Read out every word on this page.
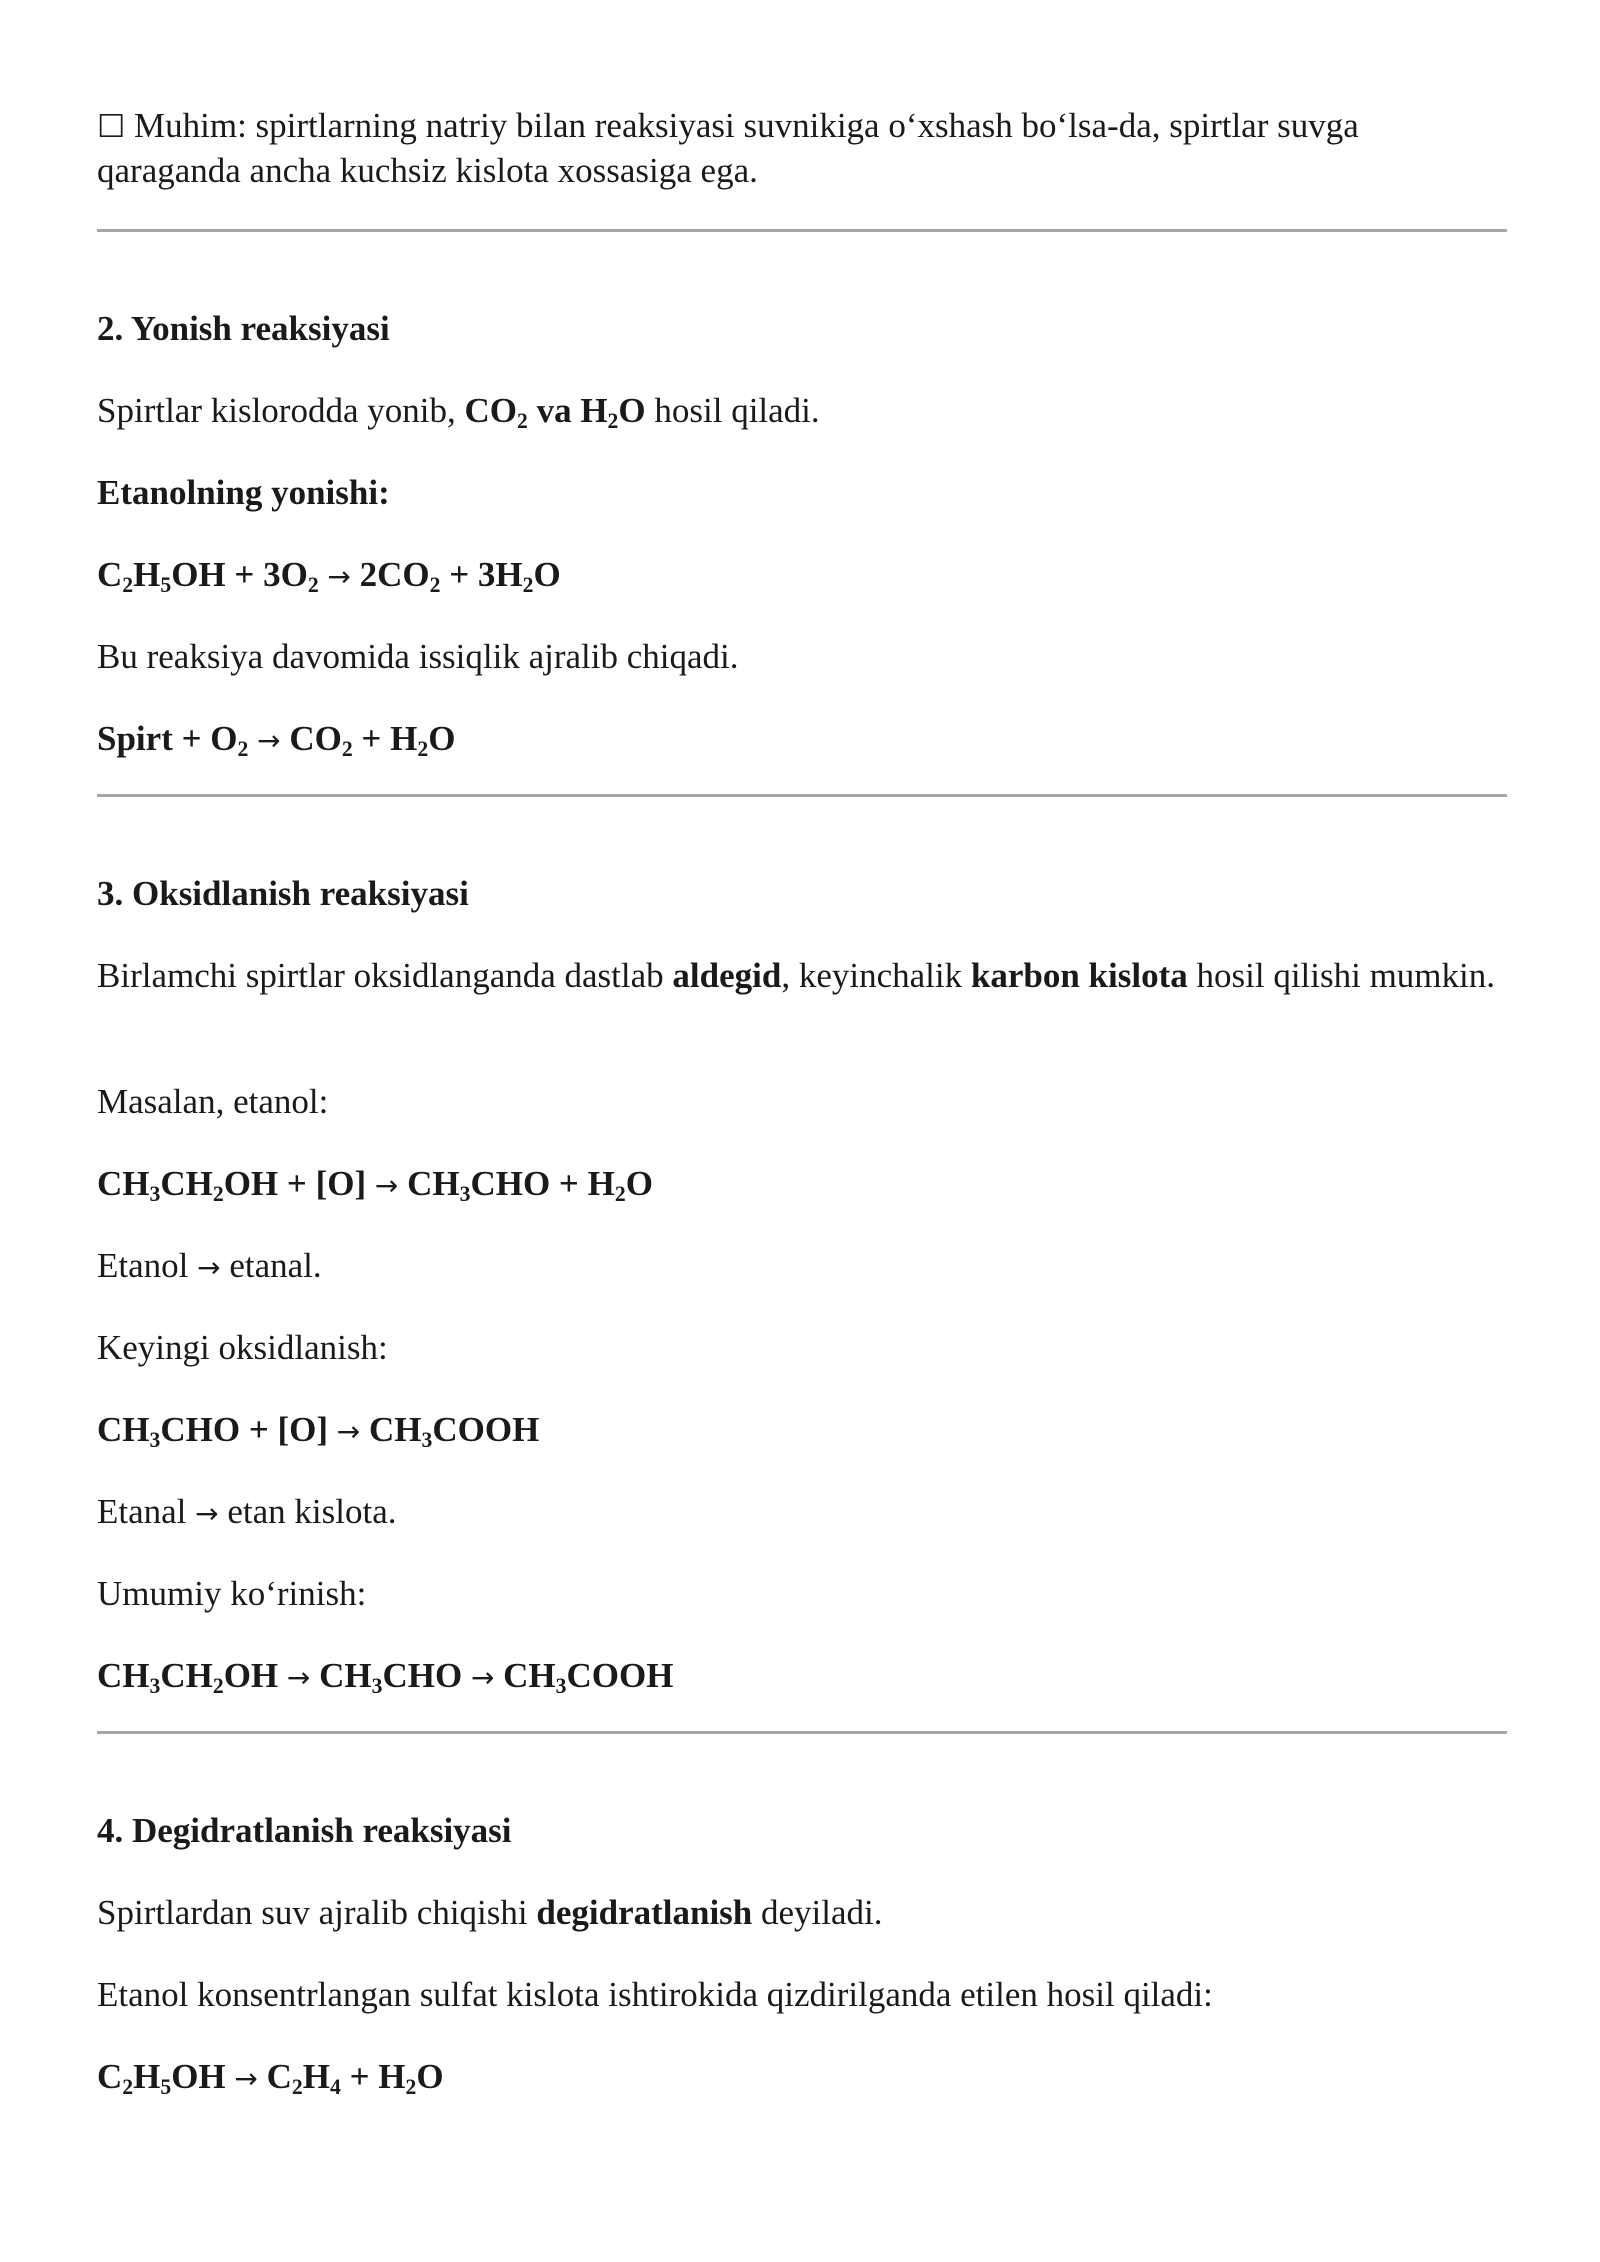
☐ Muhim: spirtlarning natriy bilan reaksiyasi suvnikiga o‘xshash bo‘lsa-da, spirtlar suvga qaraganda ancha kuchsiz kislota xossasiga ega.

2. Yonish reaksiyasi

Spirtlar kislorodda yonib, $CO_2$ va $H_2O$ hosil qiladi.

Etanolning yonishi:

$C_2H_5OH + 3O_2 \to 2CO_2 + 3H_2O$

Bu reaksiya davomida issiqlik ajralib chiqadi.

Spirt + $O_2 \to CO_2 + H_2O$

3. Oksidlanish reaksiyasi

Birlamchi spirtlar oksidlanganda dastlab aldegid, keyinchalik karbon kislota hosil qilishi mumkin.

Masalan, etanol:

$CH_3CH_2OH + [O] \to CH_3CHO + H_2O$

Etanol → etanal.

Keyingi oksidlanish:

$CH_3CHO + [O]$ → $CH_3COOH$

Etanal → etan kislota.

Umumiy ko‘rinish:

$CH_3CH_2OH \to CH_3CHO$ → $CH_3COOH$

4. Degidratlanish reaksiyasi

Spirtlardan suv ajralib chiqishi degidratlanish deyiladi.

Etanol konsentrlangan sulfat kislota ishtirokida qizdirilganda etilen hosil qiladi:

$C_2H_5OH \to C_2H_4 + H_2O$
